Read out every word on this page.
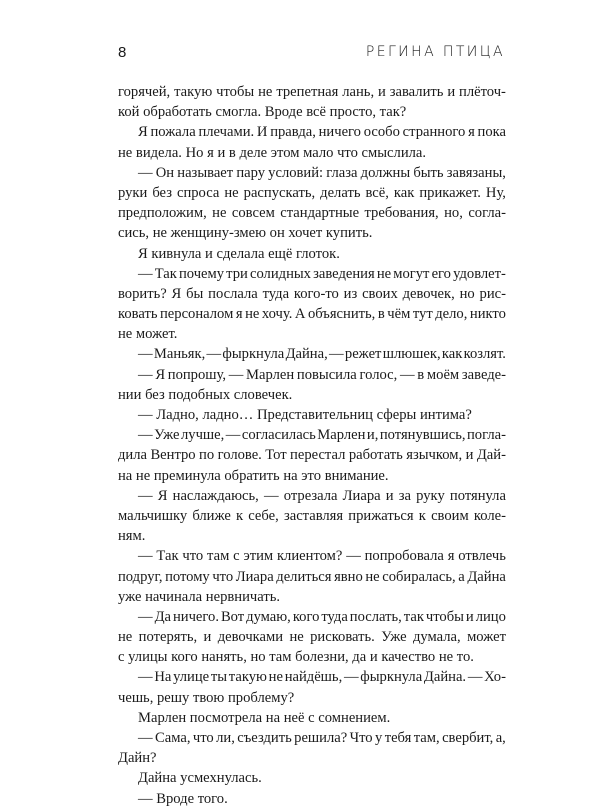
8	РЕГИНА ПТИЦА
горячей, такую чтобы не трепетная лань, и завалить и плёточ-
кой обработать смогла. Вроде всё просто, так?
Я пожала плечами. И правда, ничего особо странного я пока
не видела. Но я и в деле этом мало что смыслила.
— Он называет пару условий: глаза должны быть завязаны,
руки без спроса не распускать, делать всё, как прикажет. Ну,
предположим, не совсем стандартные требования, но, согла-
сись, не женщину-змею он хочет купить.
Я кивнула и сделала ещё глоток.
— Так почему три солидных заведения не могут его удовлет-
ворить? Я бы послала туда кого-то из своих девочек, но рис-
ковать персоналом я не хочу. А объяснить, в чём тут дело, никто
не может.
— Маньяк, — фыркнула Дайна, — режет шлюшек, как козлят.
— Я попрошу, — Марлен повысила голос, — в моём заведе-
нии без подобных словечек.
— Ладно, ладно… Представительниц сферы интима?
— Уже лучше, — согласилась Марлен и, потянувшись, погла-
дила Вентро по голове. Тот перестал работать язычком, и Дай-
на не преминула обратить на это внимание.
— Я наслаждаюсь, — отрезала Лиара и за руку потянула
мальчишку ближе к себе, заставляя прижаться к своим коле-
ням.
— Так что там с этим клиентом? — попробовала я отвлечь
подруг, потому что Лиара делиться явно не собиралась, а Дайна
уже начинала нервничать.
— Да ничего. Вот думаю, кого туда послать, так чтобы и лицо
не потерять, и девочками не рисковать. Уже думала, может
с улицы кого нанять, но там болезни, да и качество не то.
— На улице ты такую не найдёшь, — фыркнула Дайна. — Хо-
чешь, решу твою проблему?
Марлен посмотрела на неё с сомнением.
— Сама, что ли, съездить решила? Что у тебя там, свербит, а,
Дайн?
Дайна усмехнулась.
— Вроде того.
